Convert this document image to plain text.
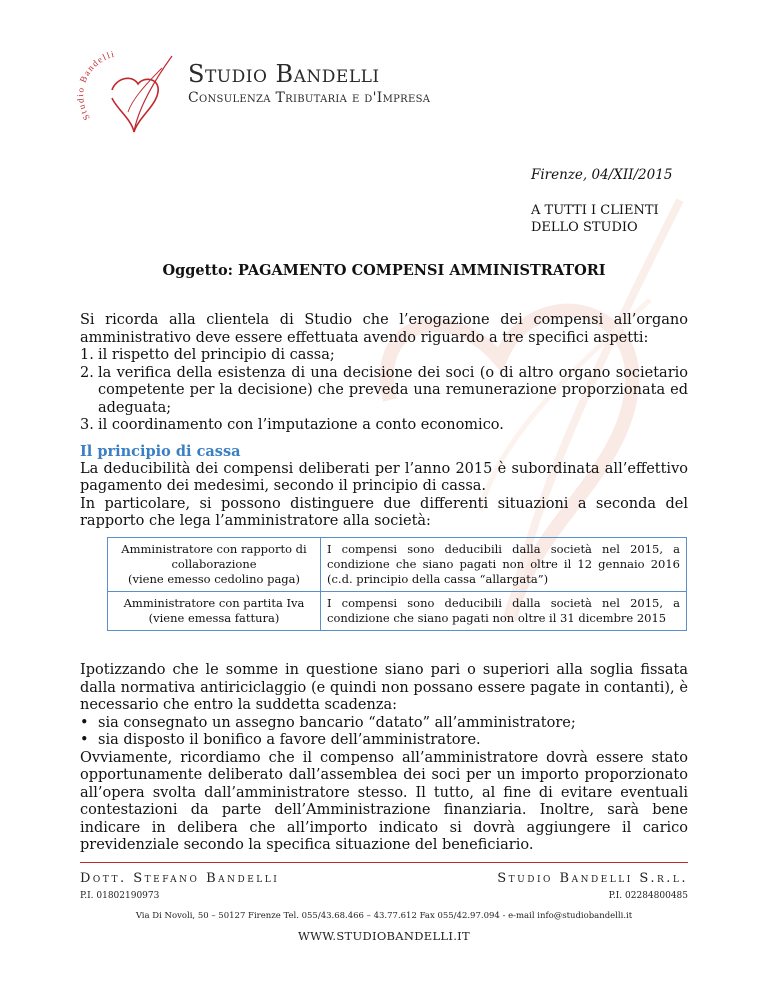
Studio Bandelli
Studio Bandelli
Consulenza Tributaria e d'Impresa
Firenze, 04/XII/2015
A TUTTI I CLIENTI
DELLO STUDIO
Oggetto: PAGAMENTO COMPENSI AMMINISTRATORI

Si ricorda alla clientela di Studio che l’erogazione dei compensi all’organo amministrativo deve essere effettuata avendo riguardo a tre specifici aspetti:

1. il rispetto del principio di cassa;
2. la verifica della esistenza di una decisione dei soci (o di altro organo societario competente per la decisione) che preveda una remunerazione proporzionata ed adeguata;
3. il coordinamento con l’imputazione a conto economico.
Il principio di cassa

La deducibilità dei compensi deliberati per l’anno 2015 è subordinata all’effettivo pagamento dei medesimi, secondo il principio di cassa.

In particolare, si possono distinguere due differenti situazioni a seconda del rapporto che lega l’amministratore alla società:

Amministratore con rapporto di
collaborazione
(viene emesso cedolino paga)	I compensi sono deducibili dalla società nel 2015, a condizione che siano pagati non oltre il 12 gennaio 2016 (c.d. principio della cassa “allargata”)

Amministratore con partita Iva
(viene emessa fattura)	I compensi sono deducibili dalla società nel 2015, a condizione che siano pagati non oltre il 31 dicembre 2015

Ipotizzando che le somme in questione siano pari o superiori alla soglia fissata dalla normativa antiriciclaggio (e quindi non possano essere pagate in contanti), è necessario che entro la suddetta scadenza:

• sia consegnato un assegno bancario “datato” all’amministratore;
• sia disposto il bonifico a favore dell’amministratore.

Ovviamente, ricordiamo che il compenso all’amministratore dovrà essere stato opportunamente deliberato dall’assemblea dei soci per un importo proporzionato all’opera svolta dall’amministratore stesso. Il tutto, al fine di evitare eventuali contestazioni da parte dell’Amministrazione finanziaria. Inoltre, sarà bene indicare in delibera che all’importo indicato si dovrà aggiungere il carico previdenziale secondo la specifica situazione del beneficiario.

Dott. Stefano Bandelli	Studio Bandelli S.r.l.
P.I. 01802190973	P.I. 02284800485
Via Di Novoli, 50 – 50127 Firenze Tel. 055/43.68.466 – 43.77.612 Fax 055/42.97.094 - e-mail info@studiobandelli.it
WWW.STUDIOBANDELLI.IT
